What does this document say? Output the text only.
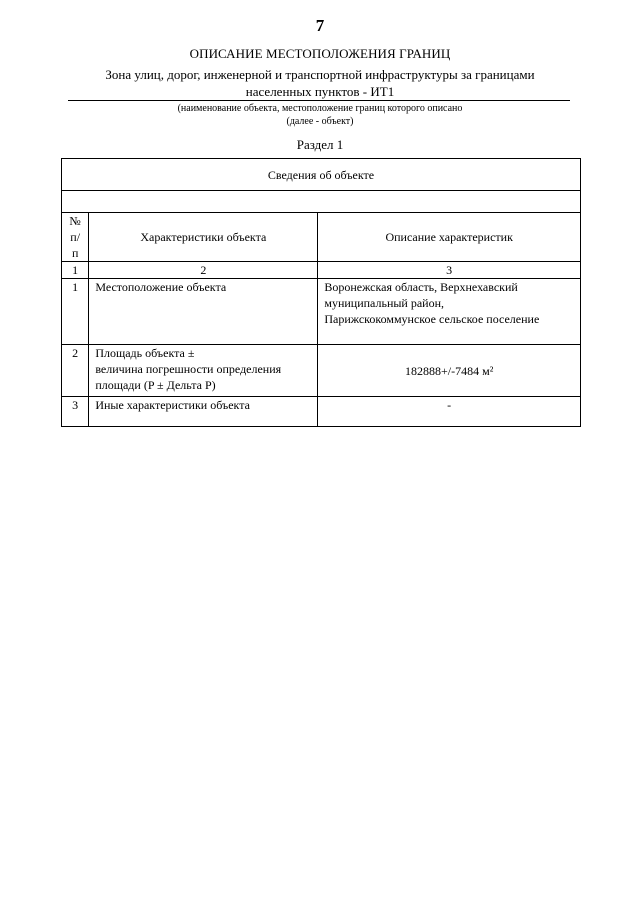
7
ОПИСАНИЕ МЕСТОПОЛОЖЕНИЯ ГРАНИЦ
Зона улиц, дорог, инженерной и транспортной инфраструктуры за границами
населенных пунктов - ИТ1
(наименование объекта, местоположение границ которого описано
(далее - объект)
Раздел 1
Сведения об объекте		

№
п/п	Характеристики объекта	Описание характеристик
1	2	3
1	Местоположение объекта	Воронежская область, Верхнехавский
муниципальный район,
Парижскокоммунское сельское поселение

2	Площадь объекта ±
величина погрешности определения
площади (P ± Дельта P)	182888+/-7484 м²

3	Иные характеристики объекта	-
